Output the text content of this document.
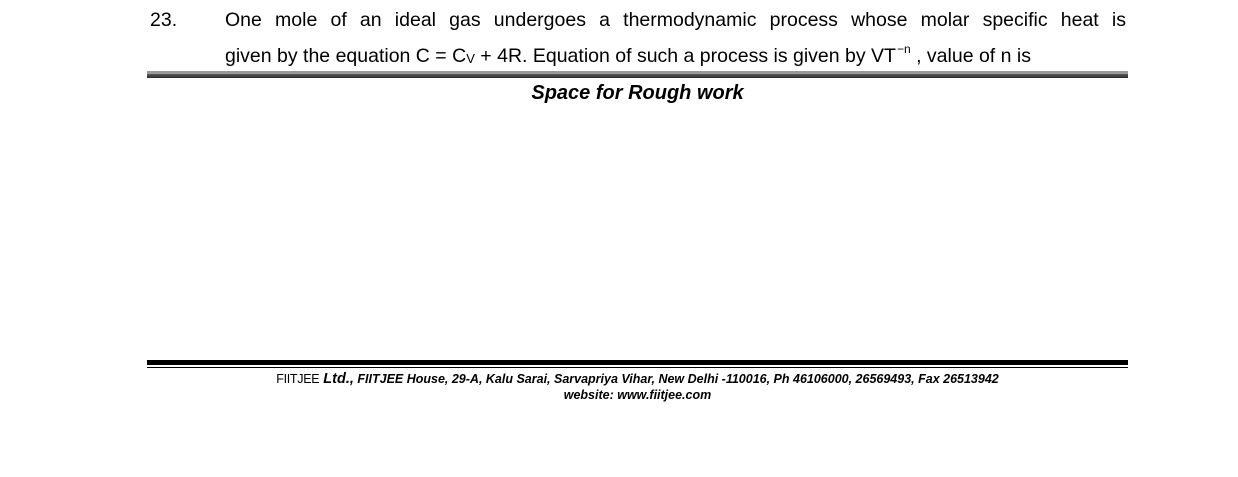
23. One mole of an ideal gas undergoes a thermodynamic process whose molar specific heat is
given by the equation C = CV + 4R. Equation of such a process is given by $VT^{-n}$ , value of n is
Space for Rough work
FIITJEE Ltd., FIITJEE House, 29-A, Kalu Sarai, Sarvapriya Vihar, New Delhi -110016, Ph 46106000, 26569493, Fax 26513942
website: www.fiitjee.com
